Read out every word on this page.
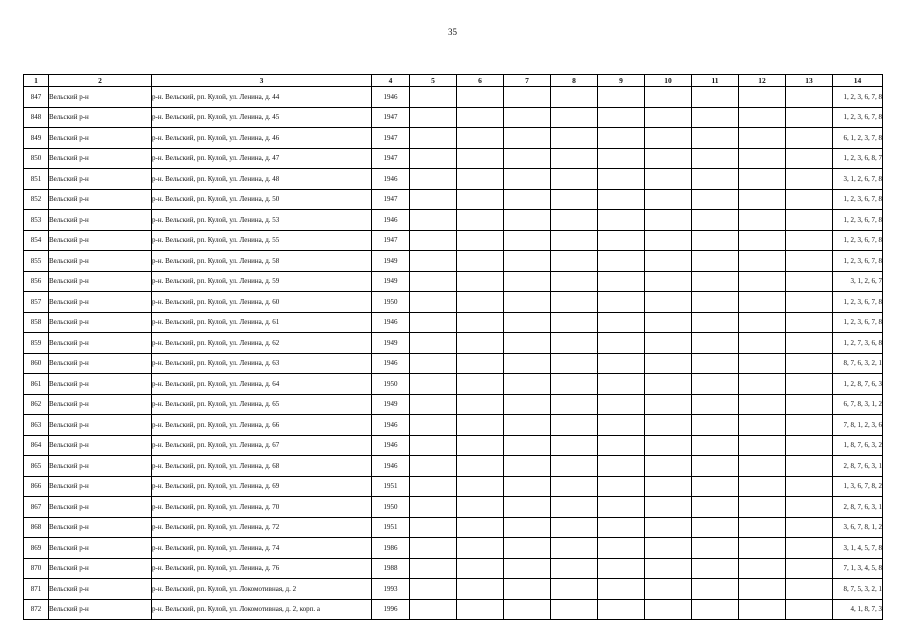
35
1	2	3	4	5	6	7	8	9	10	11	12	13	14
847	Вельский р-н	р-н. Вельский, рп. Кулой, ул. Ленина, д. 44	1946										1, 2, 3, 6, 7, 8
848	Вельский р-н	р-н. Вельский, рп. Кулой, ул. Ленина, д. 45	1947										1, 2, 3, 6, 7, 8
849	Вельский р-н	р-н. Вельский, рп. Кулой, ул. Ленина, д. 46	1947										6, 1, 2, 3, 7, 8
850	Вельский р-н	р-н. Вельский, рп. Кулой, ул. Ленина, д. 47	1947										1, 2, 3, 6, 8, 7
851	Вельский р-н	р-н. Вельский, рп. Кулой, ул. Ленина, д. 48	1946										3, 1, 2, 6, 7, 8
852	Вельский р-н	р-н. Вельский, рп. Кулой, ул. Ленина, д. 50	1947										1, 2, 3, 6, 7, 8
853	Вельский р-н	р-н. Вельский, рп. Кулой, ул. Ленина, д. 53	1946										1, 2, 3, 6, 7, 8
854	Вельский р-н	р-н. Вельский, рп. Кулой, ул. Ленина, д. 55	1947										1, 2, 3, 6, 7, 8
855	Вельский р-н	р-н. Вельский, рп. Кулой, ул. Ленина, д. 58	1949										1, 2, 3, 6, 7, 8
856	Вельский р-н	р-н. Вельский, рп. Кулой, ул. Ленина, д. 59	1949										3, 1, 2, 6, 7
857	Вельский р-н	р-н. Вельский, рп. Кулой, ул. Ленина, д. 60	1950										1, 2, 3, 6, 7, 8
858	Вельский р-н	р-н. Вельский, рп. Кулой, ул. Ленина, д. 61	1946										1, 2, 3, 6, 7, 8
859	Вельский р-н	р-н. Вельский, рп. Кулой, ул. Ленина, д. 62	1949										1, 2, 7, 3, 6, 8
860	Вельский р-н	р-н. Вельский, рп. Кулой, ул. Ленина, д. 63	1946										8, 7, 6, 3, 2, 1
861	Вельский р-н	р-н. Вельский, рп. Кулой, ул. Ленина, д. 64	1950										1, 2, 8, 7, 6, 3
862	Вельский р-н	р-н. Вельский, рп. Кулой, ул. Ленина, д. 65	1949										6, 7, 8, 3, 1, 2
863	Вельский р-н	р-н. Вельский, рп. Кулой, ул. Ленина, д. 66	1946										7, 8, 1, 2, 3, 6
864	Вельский р-н	р-н. Вельский, рп. Кулой, ул. Ленина, д. 67	1946										1, 8, 7, 6, 3, 2
865	Вельский р-н	р-н. Вельский, рп. Кулой, ул. Ленина, д. 68	1946										2, 8, 7, 6, 3, 1
866	Вельский р-н	р-н. Вельский, рп. Кулой, ул. Ленина, д. 69	1951										1, 3, 6, 7, 8, 2
867	Вельский р-н	р-н. Вельский, рп. Кулой, ул. Ленина, д. 70	1950										2, 8, 7, 6, 3, 1
868	Вельский р-н	р-н. Вельский, рп. Кулой, ул. Ленина, д. 72	1951										3, 6, 7, 8, 1, 2
869	Вельский р-н	р-н. Вельский, рп. Кулой, ул. Ленина, д. 74	1986										3, 1, 4, 5, 7, 8
870	Вельский р-н	р-н. Вельский, рп. Кулой, ул. Ленина, д. 76	1988										7, 1, 3, 4, 5, 8
871	Вельский р-н	р-н. Вельский, рп. Кулой, ул. Локомотивная, д. 2	1993										8, 7, 5, 3, 2, 1
872	Вельский р-н	р-н. Вельский, рп. Кулой, ул. Локомотивная, д. 2, корп. а	1996										4, 1, 8, 7, 3
